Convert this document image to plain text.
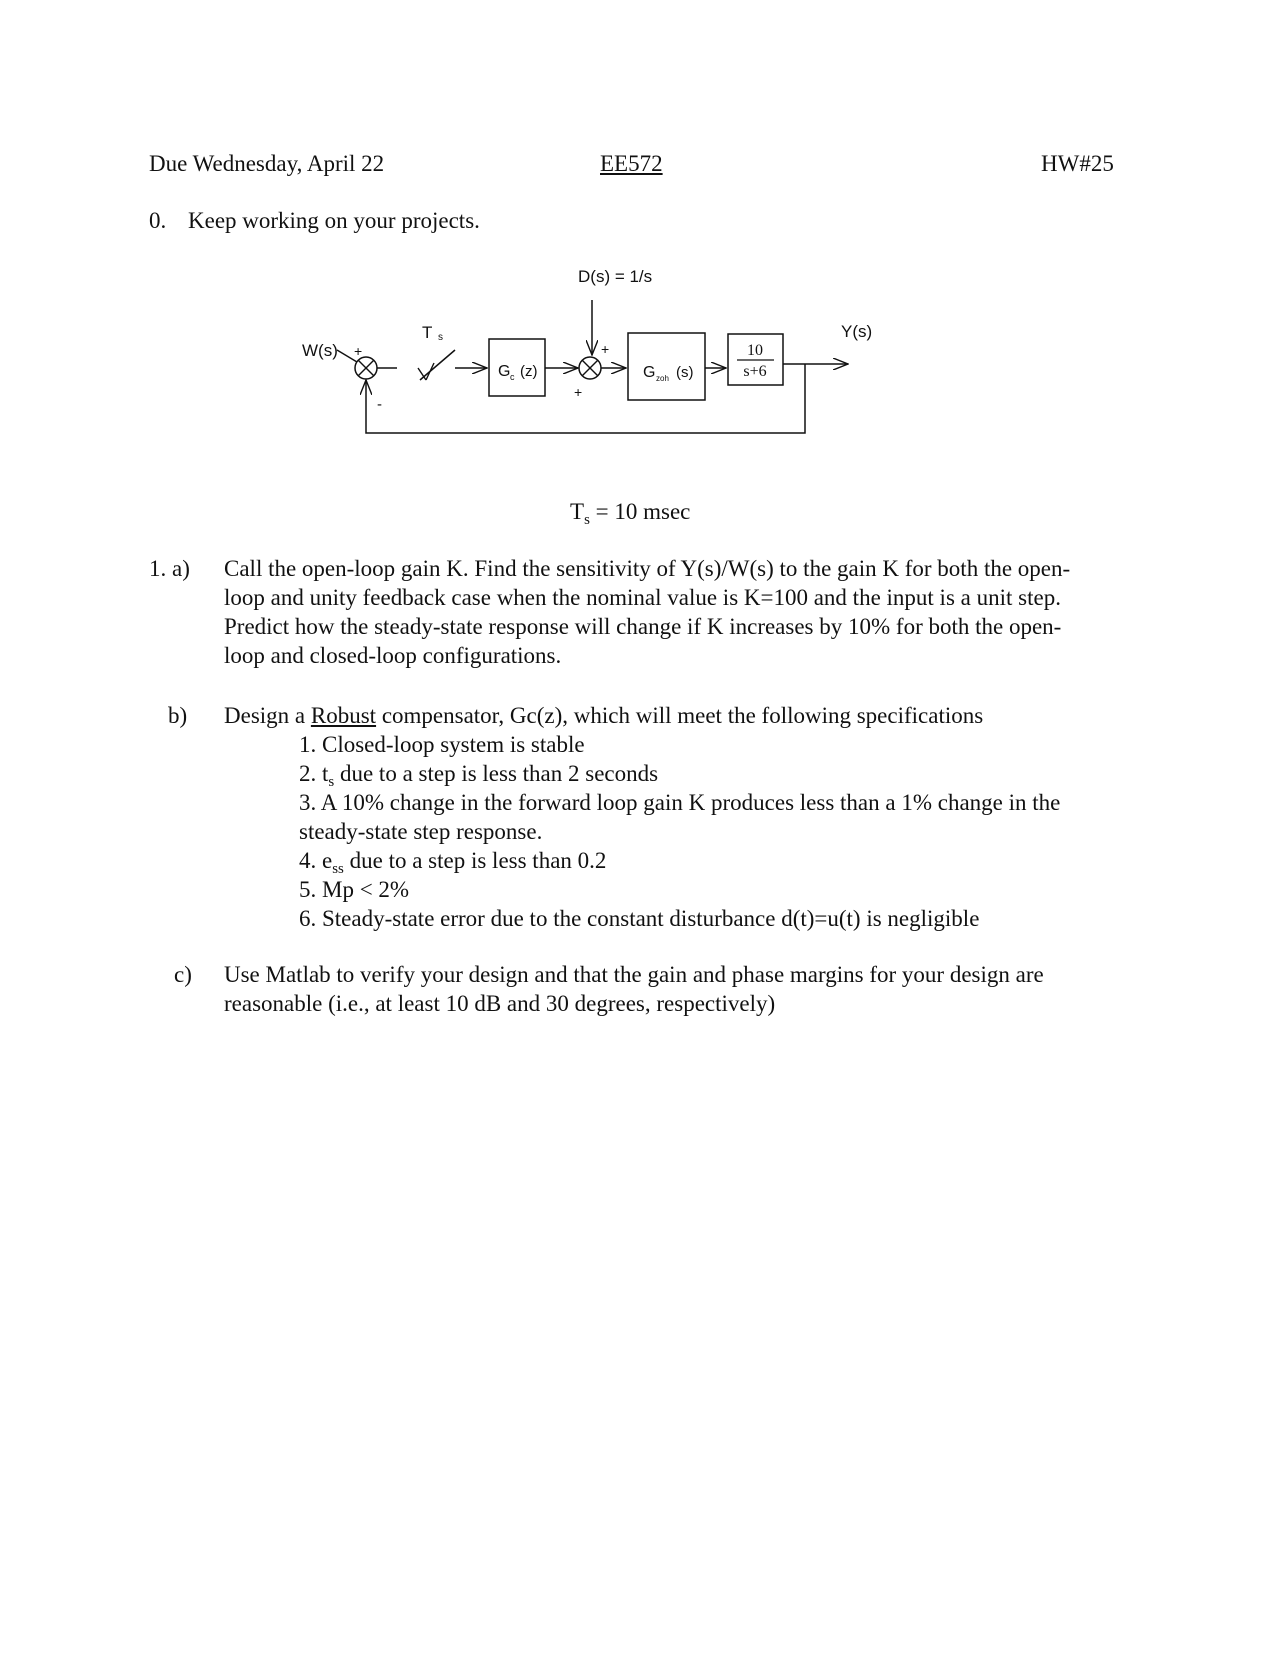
Due Wednesday, April 22	EE572	HW#25
0. Keep working on your projects.
D(s) = 1/s
W(s) +
-
T s
G c (z)
+
+
G zoh (s)
10
s+6
Y(s)
$T_s = 10$ msec
1. a) Call the open-loop gain K. Find the sensitivity of Y(s)/W(s) to the gain K for both the open-
loop and unity feedback case when the nominal value is K=100 and the input is a unit step.
Predict how the steady-state response will change if K increases by 10% for both the open-
loop and closed-loop configurations.
b) Design a Robust compensator, Gc(z), which will meet the following specifications
1. Closed-loop system is stable
2. $t_s$ due to a step is less than 2 seconds
3. A 10% change in the forward loop gain K produces less than a 1% change in the
steady-state step response.
4. $e_{ss}$ due to a step is less than 0.2
5. Mp < 2%
6. Steady-state error due to the constant disturbance d(t)=u(t) is negligible
c) Use Matlab to verify your design and that the gain and phase margins for your design are
reasonable (i.e., at least 10 dB and 30 degrees, respectively)
